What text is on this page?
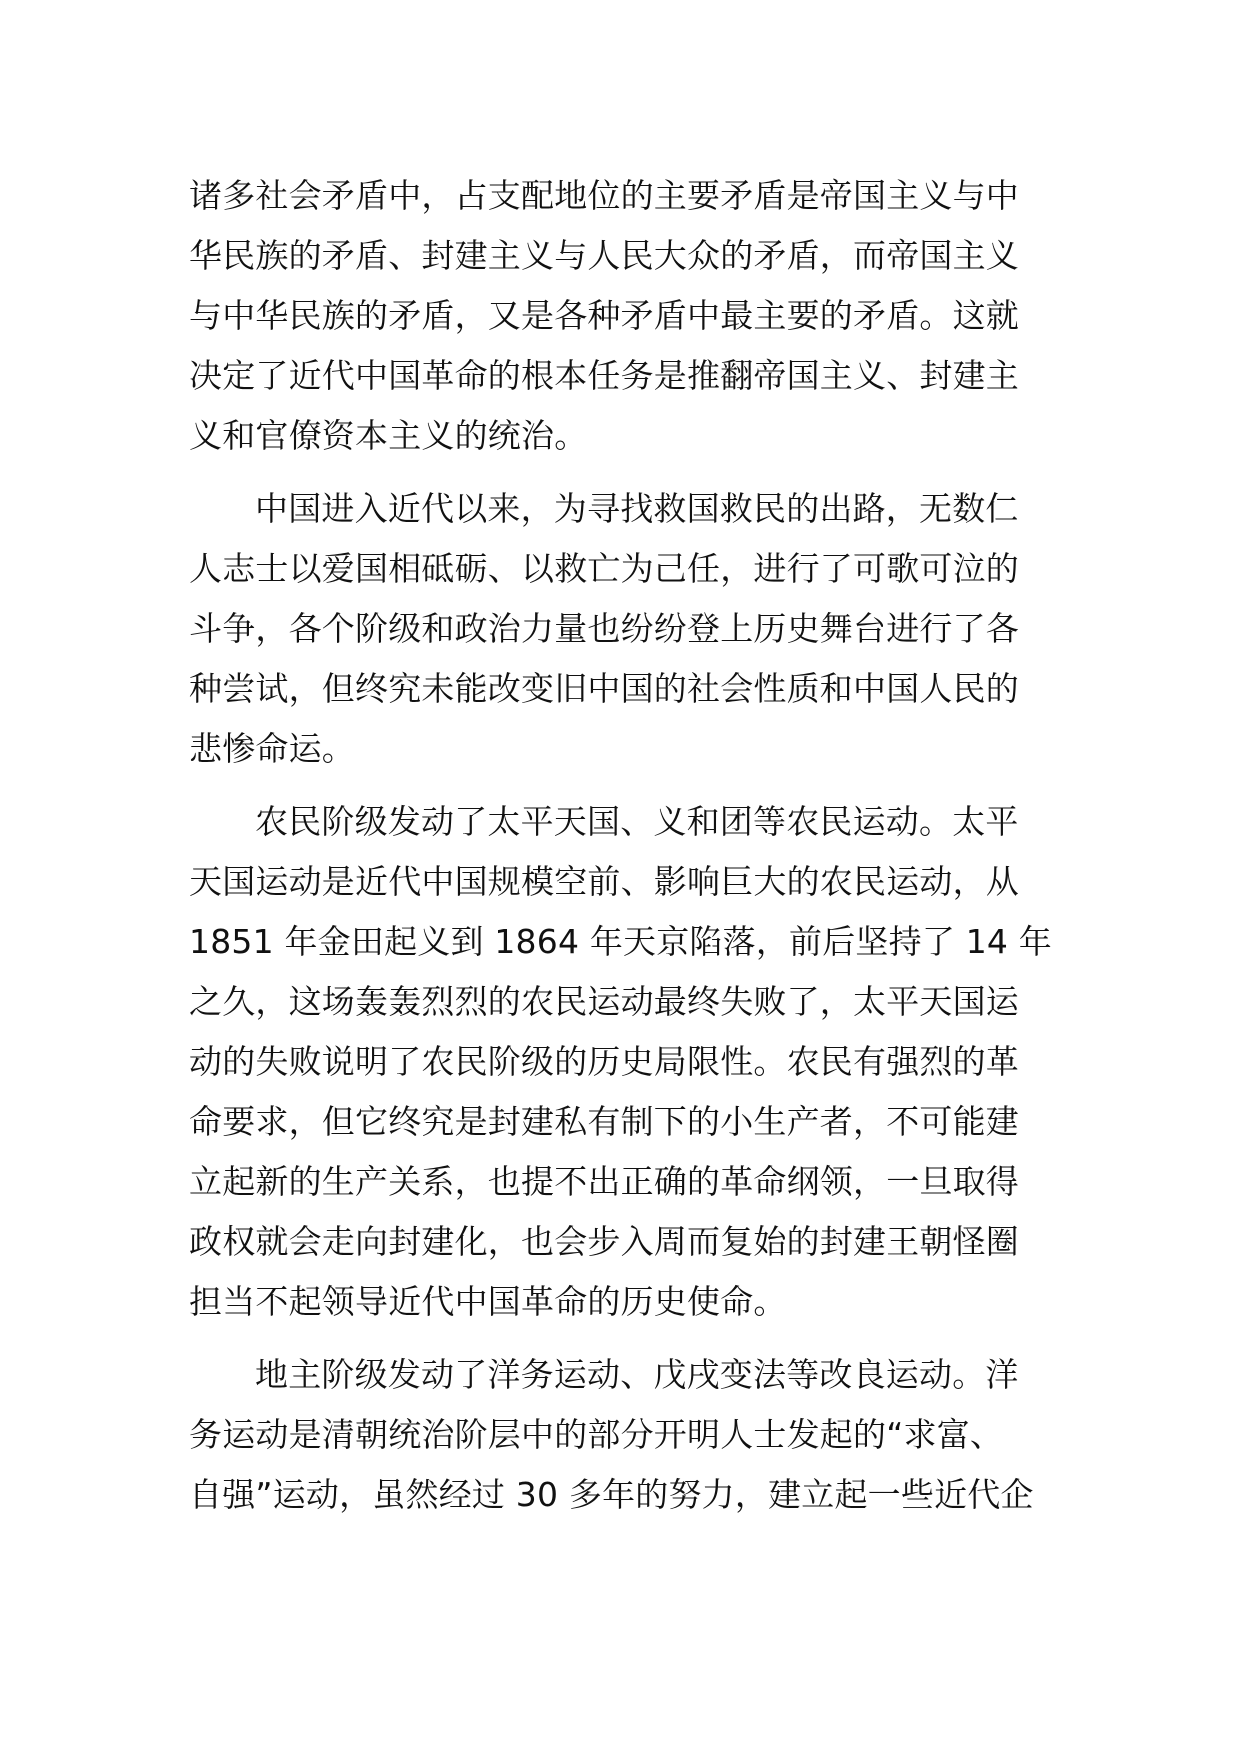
诸多社会矛盾中，占支配地位的主要矛盾是帝国主义与中
华民族的矛盾、封建主义与人民大众的矛盾，而帝国主义
与中华民族的矛盾，又是各种矛盾中最主要的矛盾。这就
决定了近代中国革命的根本任务是推翻帝国主义、封建主
义和官僚资本主义的统治。
中国进入近代以来，为寻找救国救民的出路，无数仁
人志士以爱国相砥砺、以救亡为己任，进行了可歌可泣的
斗争，各个阶级和政治力量也纷纷登上历史舞台进行了各
种尝试，但终究未能改变旧中国的社会性质和中国人民的
悲惨命运。
农民阶级发动了太平天国、义和团等农民运动。太平
天国运动是近代中国规模空前、影响巨大的农民运动，从
1851 年金田起义到 1864 年天京陷落，前后坚持了 14 年
之久，这场轰轰烈烈的农民运动最终失败了，太平天国运
动的失败说明了农民阶级的历史局限性。农民有强烈的革
命要求，但它终究是封建私有制下的小生产者，不可能建
立起新的生产关系，也提不出正确的革命纲领，一旦取得
政权就会走向封建化，也会步入周而复始的封建王朝怪圈
担当不起领导近代中国革命的历史使命。
地主阶级发动了洋务运动、戊戌变法等改良运动。洋
务运动是清朝统治阶层中的部分开明人士发起的“求富、
自强”运动，虽然经过 30 多年的努力，建立起一些近代企
